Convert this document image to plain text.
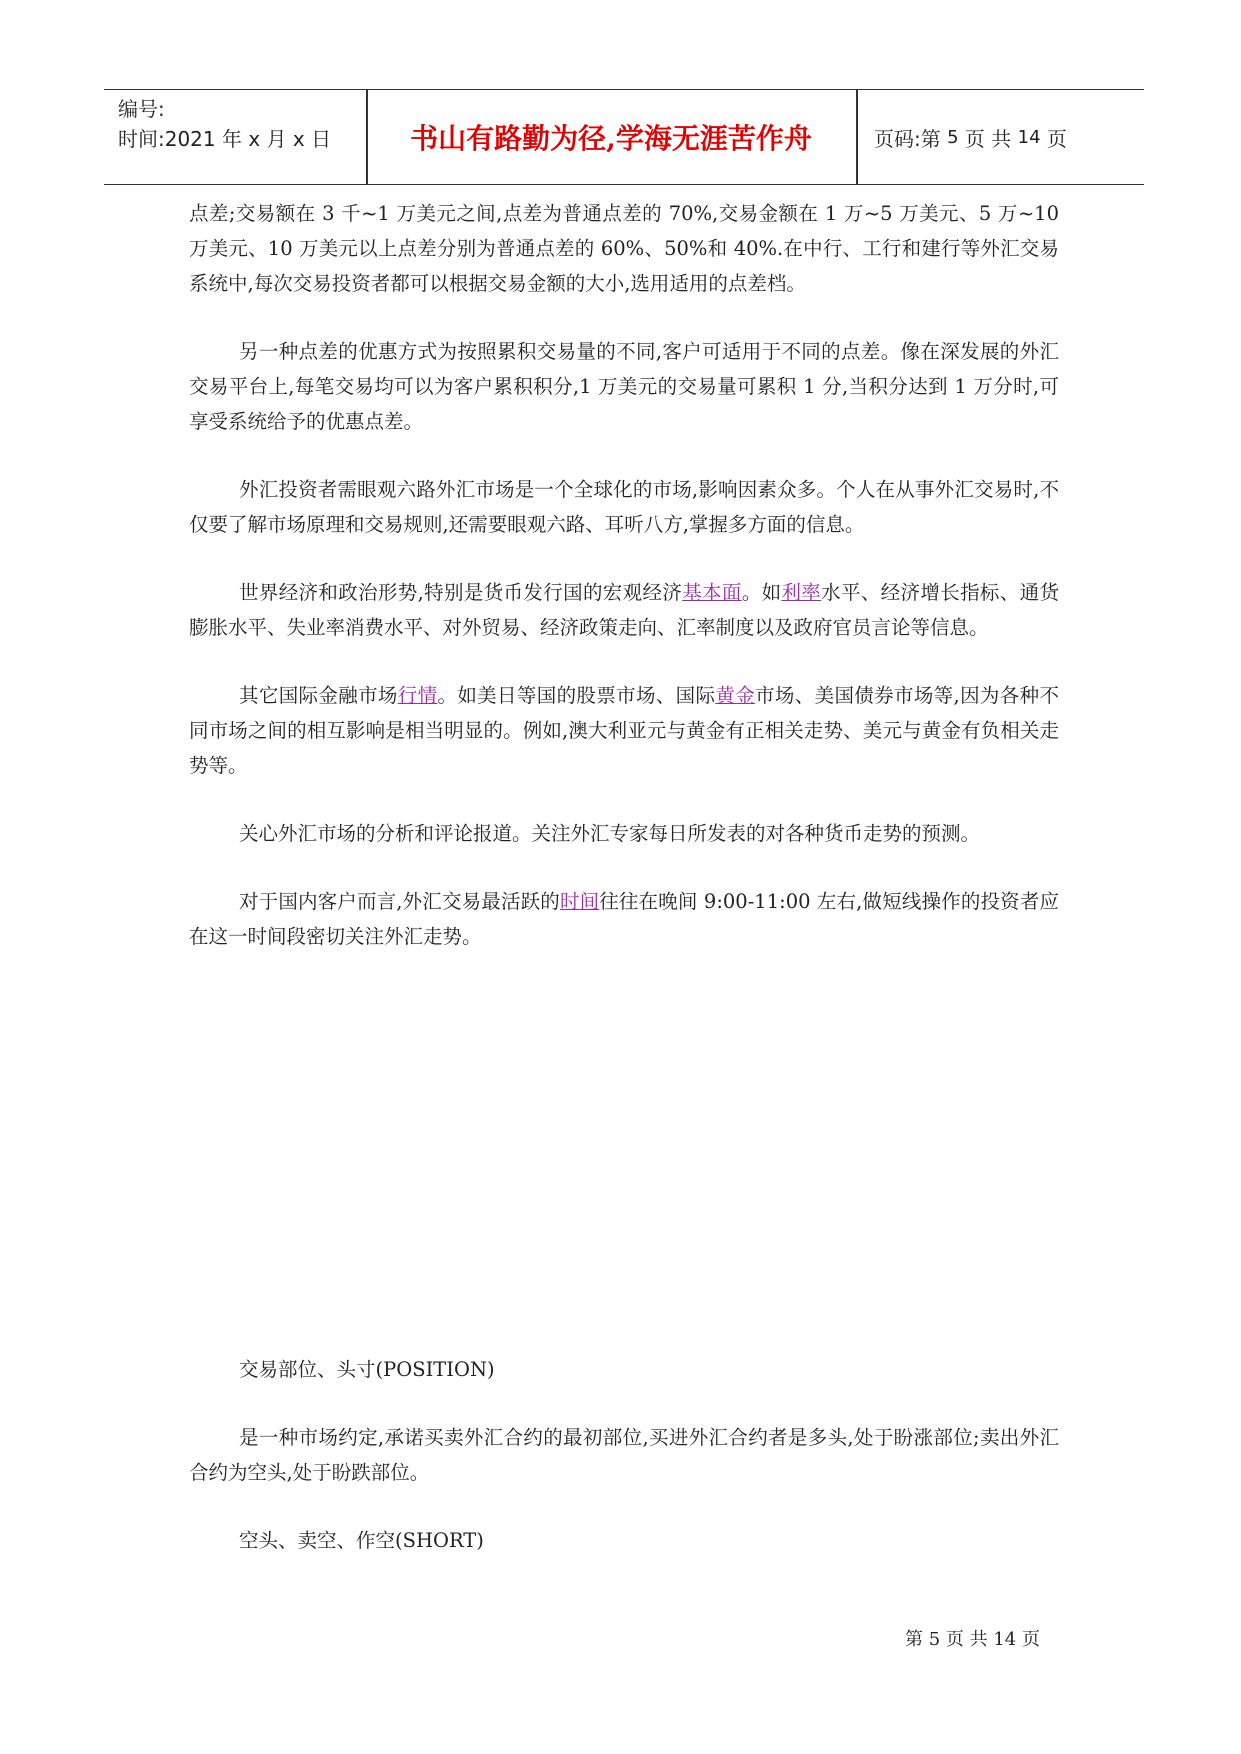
编号:
时间:2021 年 x 月 x 日	书山有路勤为径,学海无涯苦作舟	页码:第
5
页 共
14
页

点差;交易额在 3 千~1 万美元之间,点差为普通点差的 70%,交易金额在 1 万~5 万美元、5 万~10 万美元、10 万美元以上点差分别为普通点差的 60%、50%和 40%.在中行、工行和建行等外汇交易系统中,每次交易投资者都可以根据交易金额的大小,选用适用的点差档。

另一种点差的优惠方式为按照累积交易量的不同,客户可适用于不同的点差。像在深发展的外汇交易平台上,每笔交易均可以为客户累积积分,1 万美元的交易量可累积 1 分,当积分达到 1 万分时,可享受系统给予的优惠点差。

外汇投资者需眼观六路外汇市场是一个全球化的市场,影响因素众多。个人在从事外汇交易时,不仅要了解市场原理和交易规则,还需要眼观六路、耳听八方,掌握多方面的信息。

世界经济和政治形势,特别是货币发行国的宏观经济基本面。如利率水平、经济增长指标、通货膨胀水平、失业率消费水平、对外贸易、经济政策走向、汇率制度以及政府官员言论等信息。

其它国际金融市场行情。如美日等国的股票市场、国际黄金市场、美国债券市场等,因为各种不同市场之间的相互影响是相当明显的。例如,澳大利亚元与黄金有正相关走势、美元与黄金有负相关走势等。

关心外汇市场的分析和评论报道。关注外汇专家每日所发表的对各种货币走势的预测。

对于国内客户而言,外汇交易最活跃的时间往往在晚间 9:00-11:00 左右,做短线操作的投资者应在这一时间段密切关注外汇走势。

交易部位、头寸(POSITION)

是一种市场约定,承诺买卖外汇合约的最初部位,买进外汇合约者是多头,处于盼涨部位;卖出外汇合约为空头,处于盼跌部位。

空头、卖空、作空(SHORT)

第 5 页 共 14 页
